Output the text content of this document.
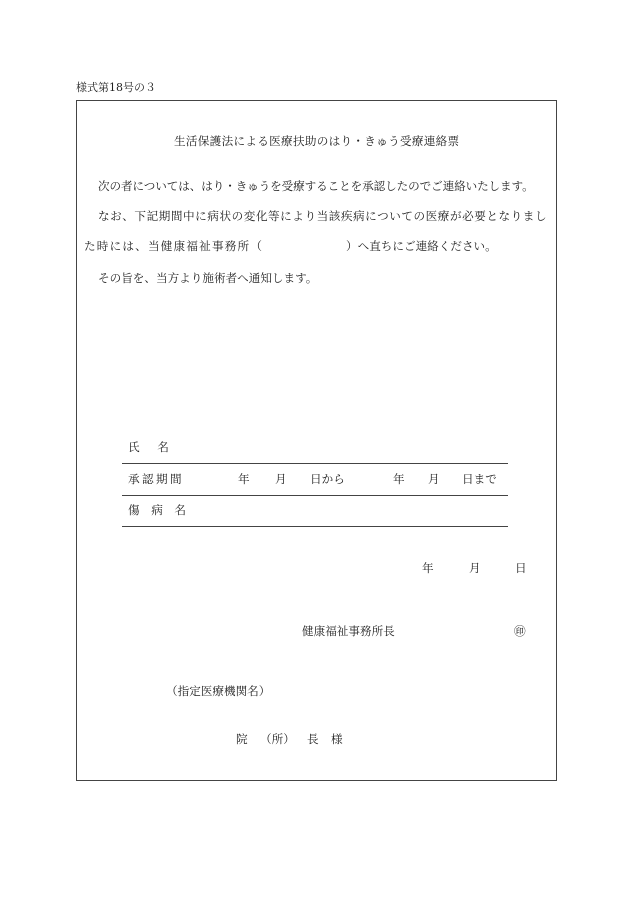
様式第18号の３
生活保護法による医療扶助のはり・きゅう受療連絡票
次の者については、はり・きゅうを受療することを承認したのでご連絡いたします。
なお、下記期間中に病状の変化等により当該疾病についての医療が必要となりまし
た時には、当健康福祉事務所（	）へ直ちにご連絡ください。
その旨を、当方より施術者へ通知します。
氏　名
承認期間	年 月 日から	年 月 日まで
傷　病　名
年	月	日
健康福祉事務所長	㊞
（指定医療機関名）
院 （所） 長 様
